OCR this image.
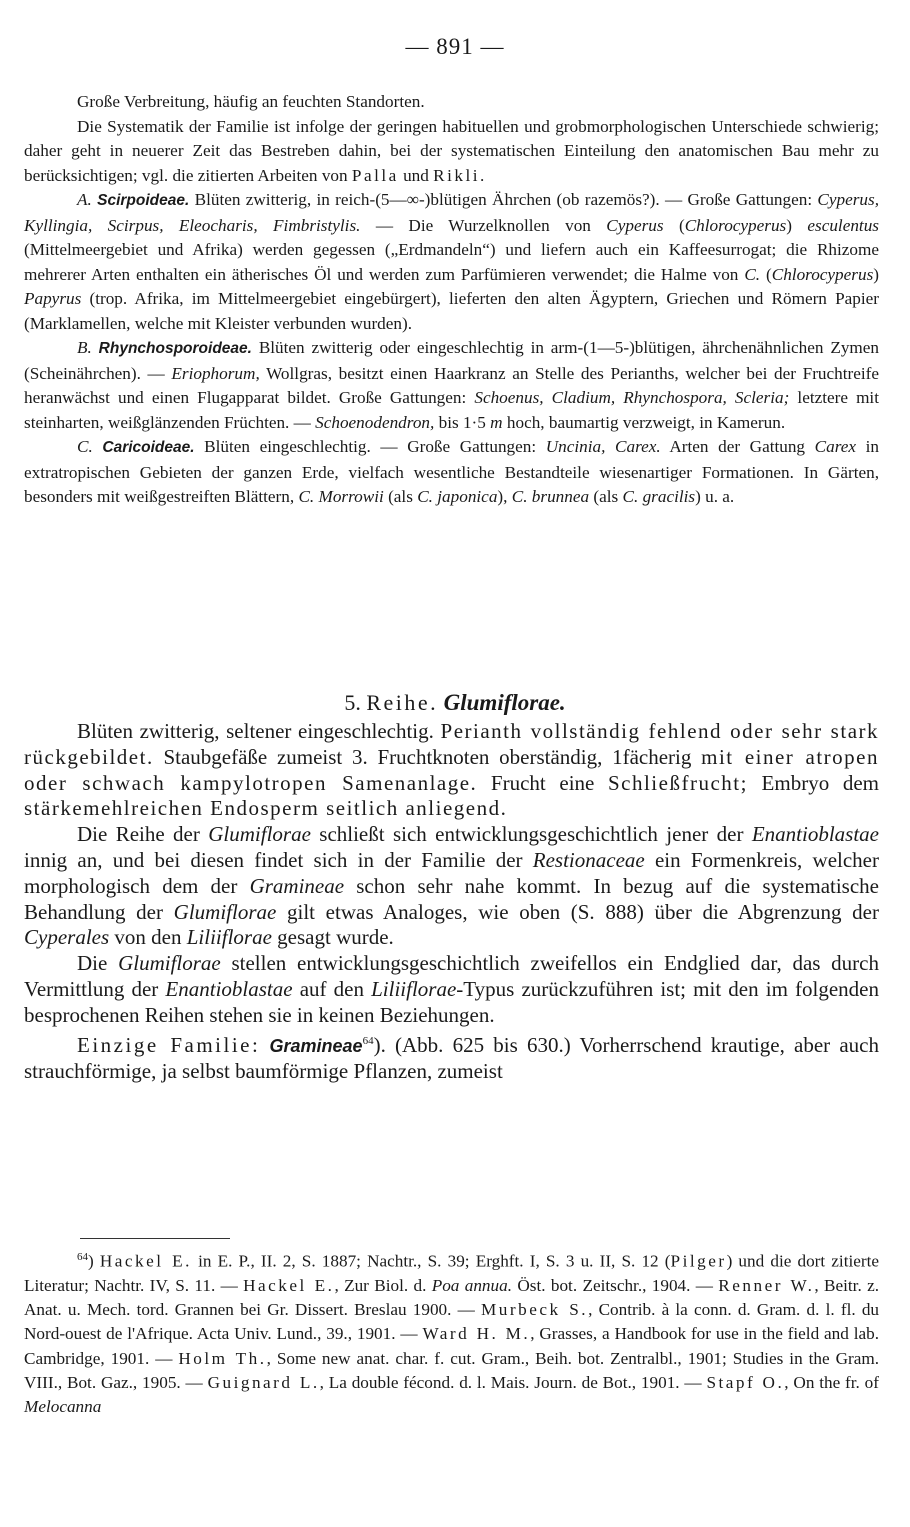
— 891 —

Große Verbreitung, häufig an feuchten Standorten.

Die Systematik der Familie ist infolge der geringen habituellen und grobmorphologischen Unterschiede schwierig; daher geht in neuerer Zeit das Bestreben dahin, bei der systematischen Einteilung den anatomischen Bau mehr zu berücksichtigen; vgl. die zitierten Arbeiten von Palla und Rikli.

A. Scirpoideae. Blüten zwitterig, in reich-(5—∞-)blütigen Ährchen (ob razemös?). — Große Gattungen: Cyperus, Kyllingia, Scirpus, Eleocharis, Fimbristylis. — Die Wurzelknollen von Cyperus (Chlorocyperus) esculentus (Mittelmeergebiet und Afrika) werden gegessen („Erdmandeln“) und liefern auch ein Kaffeesurrogat; die Rhizome mehrerer Arten enthalten ein ätherisches Öl und werden zum Parfümieren verwendet; die Halme von C. (Chlorocyperus) Papyrus (trop. Afrika, im Mittelmeergebiet eingebürgert), lieferten den alten Ägyptern, Griechen und Römern Papier (Marklamellen, welche mit Kleister verbunden wurden).

B. Rhynchosporoideae. Blüten zwitterig oder eingeschlechtig in arm-(1—5-)blütigen, ährchenähnlichen Zymen (Scheinährchen). — Eriophorum, Wollgras, besitzt einen Haarkranz an Stelle des Perianths, welcher bei der Fruchtreife heranwächst und einen Flugapparat bildet. Große Gattungen: Schoenus, Cladium, Rhynchospora, Scleria; letztere mit steinharten, weißglänzenden Früchten. — Schoenodendron, bis 1·5 m hoch, baumartig verzweigt, in Kamerun.

C. Caricoideae. Blüten eingeschlechtig. — Große Gattungen: Uncinia, Carex. Arten der Gattung Carex in extratropischen Gebieten der ganzen Erde, vielfach wesentliche Bestandteile wiesenartiger Formationen. In Gärten, besonders mit weißgestreiften Blättern, C. Morrowii (als C. japonica), C. brunnea (als C. gracilis) u. a.

5. Reihe. Glumiflorae.

Blüten zwitterig, seltener eingeschlechtig. Perianth vollständig fehlend oder sehr stark rückgebildet. Staubgefäße zumeist 3. Fruchtknoten oberständig, 1fächerig mit einer atropen oder schwach kampylotropen Samenanlage. Frucht eine Schließfrucht; Embryo dem stärkemehlreichen Endosperm seitlich anliegend.

Die Reihe der Glumiflorae schließt sich entwicklungsgeschichtlich jener der Enantioblastae innig an, und bei diesen findet sich in der Familie der Restionaceae ein Formenkreis, welcher morphologisch dem der Gramineae schon sehr nahe kommt. In bezug auf die systematische Behandlung der Glumiflorae gilt etwas Analoges, wie oben (S. 888) über die Abgrenzung der Cyperales von den Liliiflorae gesagt wurde.

Die Glumiflorae stellen entwicklungsgeschichtlich zweifellos ein Endglied dar, das durch Vermittlung der Enantioblastae auf den Liliiflorae-Typus zurückzuführen ist; mit den im folgenden besprochenen Reihen stehen sie in keinen Beziehungen.

Einzige Familie: Gramineae$^{64}$). (Abb. 625 bis 630.) Vorherrschend krautige, aber auch strauchförmige, ja selbst baumförmige Pflanzen, zumeist

$^{64}$) Hackel E. in E. P., II. 2, S. 1887; Nachtr., S. 39; Erghft. I, S. 3 u. II, S. 12 (Pilger) und die dort zitierte Literatur; Nachtr. IV, S. 11. — Hackel E., Zur Biol. d. Poa annua. Öst. bot. Zeitschr., 1904. — Renner W., Beitr. z. Anat. u. Mech. tord. Grannen bei Gr. Dissert. Breslau 1900. — Murbeck S., Contrib. à la conn. d. Gram. d. l. fl. du Nord-ouest de l'Afrique. Acta Univ. Lund., 39., 1901. — Ward H. M., Grasses, a Handbook for use in the field and lab. Cambridge, 1901. — Holm Th., Some new anat. char. f. cut. Gram., Beih. bot. Zentralbl., 1901; Studies in the Gram. VIII., Bot. Gaz., 1905. — Guignard L., La double fécond. d. l. Mais. Journ. de Bot., 1901. — Stapf O., On the fr. of Melocanna
